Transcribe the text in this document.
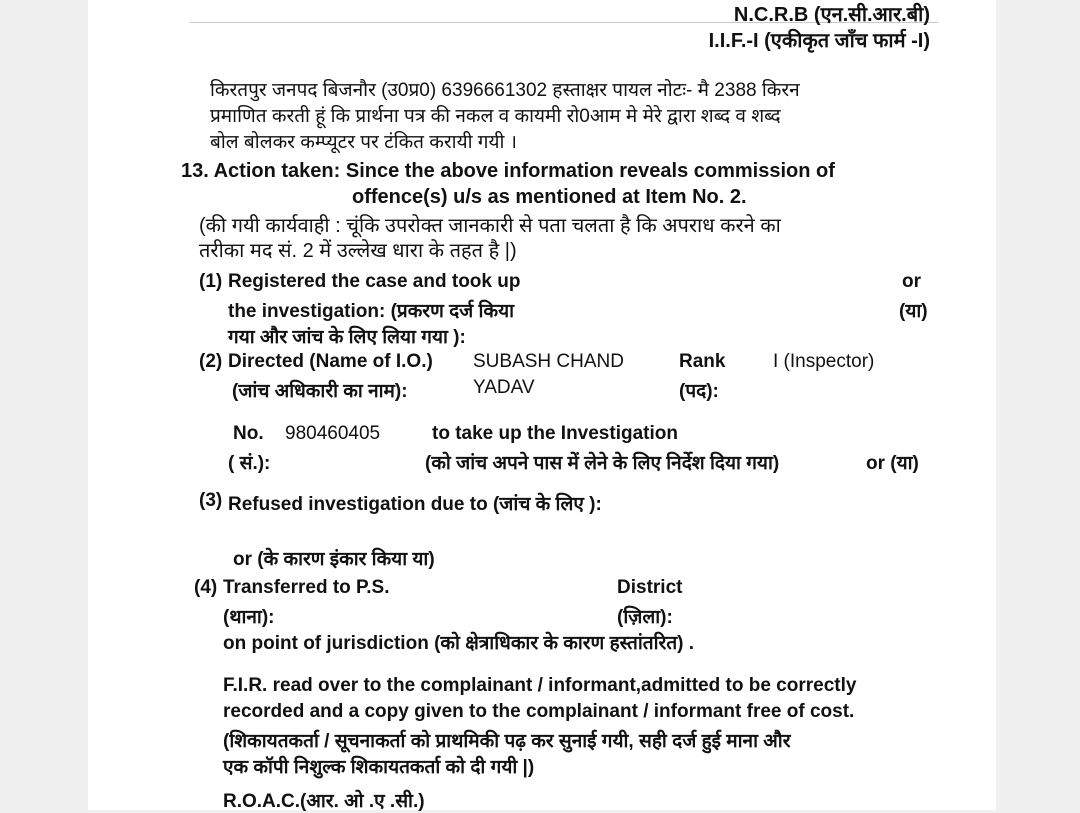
N.C.R.B (एन.सी.आर.बी)
I.I.F.-I (एकीकृत जाँच फार्म -I)
किरतपुर जनपद बिजनौर (उ0प्र0) 6396661302 हस्ताक्षर पायल नोटः- मै 2388 किरन
प्रमाणित करती हूं कि प्रार्थना पत्र की नकल व कायमी रो0आम मे मेरे द्वारा शब्द व शब्द
बोल बोलकर कम्प्यूटर पर टंकित करायी गयी ।
13. Action taken: Since the above information reveals commission of
offence(s) u/s as mentioned at Item No. 2.
(की गयी कार्यवाही : चूंकि उपरोक्त जानकारी से पता चलता है कि अपराध करने का
तरीका मद सं. 2 में उल्लेख धारा के तहत है |)
(1) Registered the case and took up
the investigation: (प्रकरण दर्ज किया
गया और जांच के लिए लिया गया ):
or
(या)
(2) Directed (Name of I.O.)
(जांच अधिकारी का नाम):
SUBASH CHAND
YADAV
Rank
(पद):
I (Inspector)
No.
( सं.):
980460405	to take up the Investigation
(को जांच अपने पास में लेने के लिए निर्देश दिया गया)	or (या)
(3) Refused investigation due to (जांच के लिए ):
or (के कारण इंकार किया या)
(4) Transferred to P.S.
(थाना):
District
(ज़िला):
on point of jurisdiction (को क्षेत्राधिकार के कारण हस्तांतरित) .
F.I.R. read over to the complainant / informant,admitted to be correctly
recorded and a copy given to the complainant / informant free of cost.
(शिकायतकर्ता / सूचनाकर्ता को प्राथमिकी पढ़ कर सुनाई गयी, सही दर्ज हुई माना और
एक कॉपी निशुल्क शिकायतकर्ता को दी गयी |)
R.O.A.C.(आर. ओ .ए .सी.)
